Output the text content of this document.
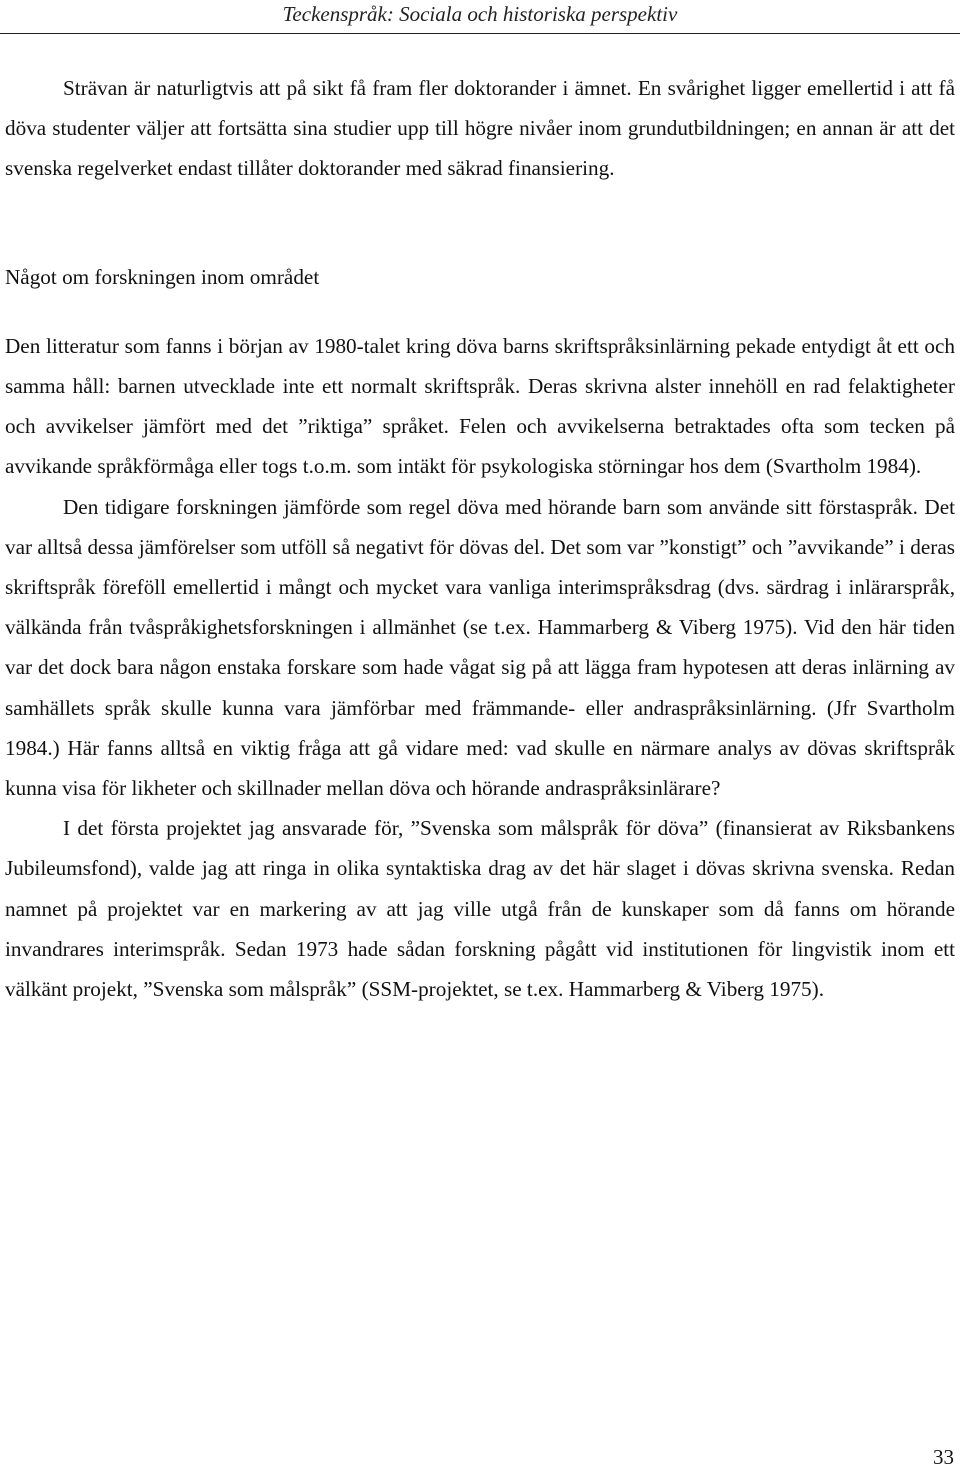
Teckenspråk: Sociala och historiska perspektiv

Strävan är naturligtvis att på sikt få fram fler doktorander i ämnet. En svårighet ligger emellertid i att få döva studenter väljer att fortsätta sina studier upp till högre nivåer inom grundutbildningen; en annan är att det svenska regelverket endast tillåter doktorander med säkrad finansiering.

Något om forskningen inom området

Den litteratur som fanns i början av 1980-talet kring döva barns skriftspråksinlärning pekade entydigt åt ett och samma håll: barnen utvecklade inte ett normalt skriftspråk. Deras skrivna alster innehöll en rad felaktigheter och avvikelser jämfört med det ”riktiga” språket. Felen och avvikelserna betraktades ofta som tecken på avvikande språkförmåga eller togs t.o.m. som intäkt för psykologiska störningar hos dem (Svartholm 1984).

Den tidigare forskningen jämförde som regel döva med hörande barn som använde sitt förstaspråk. Det var alltså dessa jämförelser som utföll så negativt för dövas del. Det som var ”konstigt” och ”avvikande” i deras skriftspråk föreföll emellertid i mångt och mycket vara vanliga interimspråksdrag (dvs. särdrag i inlärarspråk, välkända från tvåspråkighetsforskningen i allmänhet (se t.ex. Hammarberg & Viberg 1975). Vid den här tiden var det dock bara någon enstaka forskare som hade vågat sig på att lägga fram hypotesen att deras inlärning av samhällets språk skulle kunna vara jämförbar med främmande- eller andraspråksinlärning. (Jfr Svartholm 1984.) Här fanns alltså en viktig fråga att gå vidare med: vad skulle en närmare analys av dövas skriftspråk kunna visa för likheter och skillnader mellan döva och hörande andraspråksinlärare?

I det första projektet jag ansvarade för, ”Svenska som målspråk för döva” (finansierat av Riksbankens Jubileumsfond), valde jag att ringa in olika syntaktiska drag av det här slaget i dövas skrivna svenska. Redan namnet på projektet var en markering av att jag ville utgå från de kunskaper som då fanns om hörande invandrares interimspråk. Sedan 1973 hade sådan forskning pågått vid institutionen för lingvistik inom ett välkänt projekt, ”Svenska som målspråk” (SSM-projektet, se t.ex. Hammarberg & Viberg 1975).

33
